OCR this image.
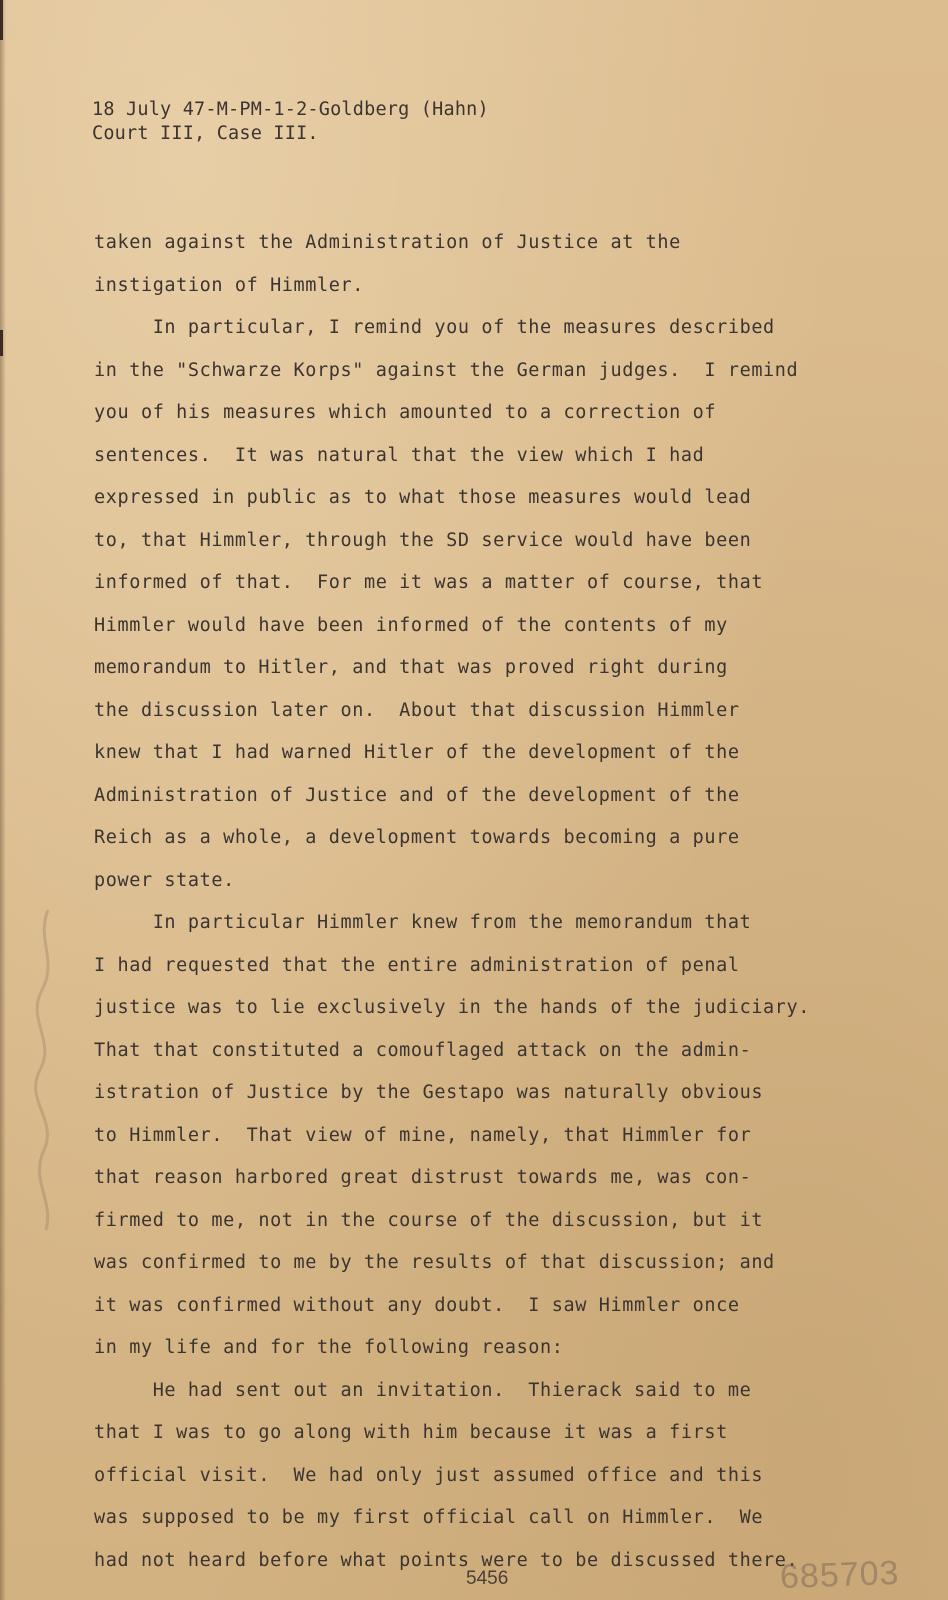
18 July 47-M-PM-1-2-Goldberg (Hahn)
Court III, Case III.
taken against the Administration of Justice at the
instigation of Himmler.
In particular, I remind you of the measures described
in the "Schwarze Korps" against the German judges.  I remind
you of his measures which amounted to a correction of
sentences.  It was natural that the view which I had
expressed in public as to what those measures would lead
to, that Himmler, through the SD service would have been
informed of that.  For me it was a matter of course, that
Himmler would have been informed of the contents of my
memorandum to Hitler, and that was proved right during
the discussion later on.  About that discussion Himmler
knew that I had warned Hitler of the development of the
Administration of Justice and of the development of the
Reich as a whole, a development towards becoming a pure
power state.
In particular Himmler knew from the memorandum that
I had requested that the entire administration of penal
justice was to lie exclusively in the hands of the judiciary.
That that constituted a comouflaged attack on the admin-
istration of Justice by the Gestapo was naturally obvious
to Himmler.  That view of mine, namely, that Himmler for
that reason harbored great distrust towards me, was con-
firmed to me, not in the course of the discussion, but it
was confirmed to me by the results of that discussion; and
it was confirmed without any doubt.  I saw Himmler once
in my life and for the following reason:
He had sent out an invitation.  Thierack said to me
that I was to go along with him because it was a first
official visit.  We had only just assumed office and this
was supposed to be my first official call on Himmler.  We
had not heard before what points were to be discussed there.
5456	685703
